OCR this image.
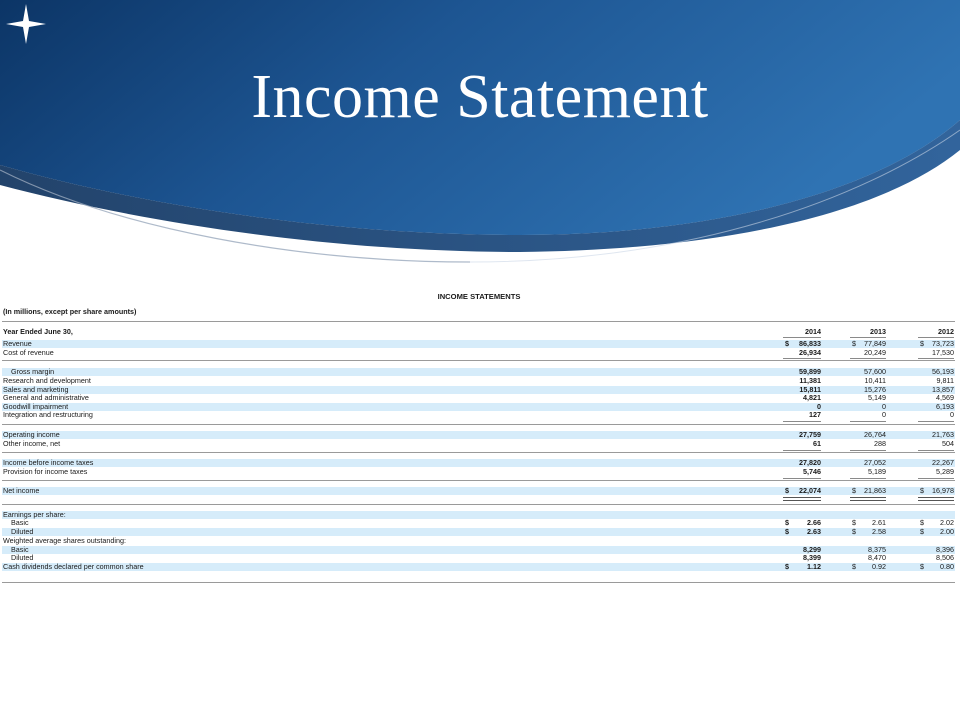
Income Statement
INCOME STATEMENTS
(In millions, except per share amounts)
Year Ended June 30,	2014	2013	2012
Revenue	$	86,833	$	77,849	$	73,723
Cost of revenue	26,934	20,249	17,530
Gross margin	59,899	57,600	56,193
Research and development	11,381	10,411	9,811
Sales and marketing	15,811	15,276	13,857
General and administrative	4,821	5,149	4,569
Goodwill impairment	0	0	6,193
Integration and restructuring	127	0	0
Operating income	27,759	26,764	21,763
Other income, net	61	288	504
Income before income taxes	27,820	27,052	22,267
Provision for income taxes	5,746	5,189	5,289
Net income	$	22,074	$	21,863	$	16,978
Earnings per share:
Basic	$	2.66	$	2.61	$	2.02
Diluted	$	2.63	$	2.58	$	2.00
Weighted average shares outstanding:
Basic	8,299	8,375	8,396
Diluted	8,399	8,470	8,506
Cash dividends declared per common share	$	1.12	$	0.92	$	0.80
